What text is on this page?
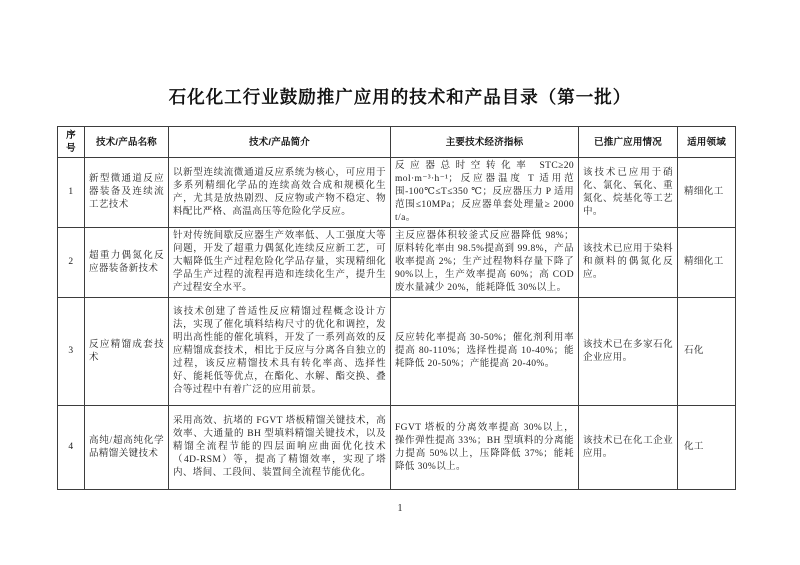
石化化工行业鼓励推广应用的技术和产品目录（第一批）
序号	技术/产品名称	技术/产品简介	主要技术经济指标	已推广应用情况	适用领域
1	新型微通道反应器装备及连续流工艺技术	以新型连续流微通道反应系统为核心，可应用于多系列精细化学品的连续高效合成和规模化生产，尤其是放热剧烈、反应物或产物不稳定、物料配比严格、高温高压等危险化学反应。	反应器总时空转化率 STC≥20 mol·m⁻³·h⁻¹；反应器温度 T 适用范围-100℃≤T≤350 ℃；反应器压力 P 适用范围≤10MPa；反应器单套处理量≥ 2000 t/a。	该技术已应用于硝化、氯化、氧化、重氮化、烷基化等工艺中。	精细化工

2	超重力偶氮化反应器装备新技术	针对传统间歇反应器生产效率低、人工强度大等问题，开发了超重力偶氮化连续反应新工艺，可大幅降低生产过程危险化学品存量，实现精细化学品生产过程的流程再造和连续化生产，提升生产过程安全水平。	主反应器体积较釜式反应器降低 98%；原料转化率由 98.5%提高到 99.8%，产品收率提高 2%；生产过程物料存量下降了 90%以上，生产效率提高 60%；高 COD 废水量减少 20%，能耗降低 30%以上。	该技术已应用于染料和颜料的偶氮化反应。	精细化工

3	反应精馏成套技术	该技术创建了普适性反应精馏过程概念设计方法，实现了催化填料结构尺寸的优化和调控，发明出高性能的催化填料，开发了一系列高效的反应精馏成套技术，相比于反应与分离各自独立的过程，该反应精馏技术具有转化率高、选择性好、能耗低等优点，在酯化、水解、酯交换、叠合等过程中有着广泛的应用前景。	反应转化率提高 30-50%；催化剂利用率提高 80-110%；选择性提高 10-40%；能耗降低 20-50%；产能提高 20-40%。	该技术已在多家石化企业应用。	石化

4	高纯/超高纯化学品精馏关键技术	采用高效、抗堵的 FGVT 塔板精馏关键技术，高效率、大通量的 BH 型填料精馏关键技术，以及精馏全流程节能的四层面响应曲面优化技术（4D-RSM）等，提高了精馏效率，实现了塔内、塔间、工段间、装置间全流程节能优化。	FGVT 塔板的分离效率提高 30%以上，操作弹性提高 33%；BH 型填料的分离能力提高 50%以上，压降降低 37%；能耗降低 30%以上。	该技术已在化工企业应用。	化工
1
